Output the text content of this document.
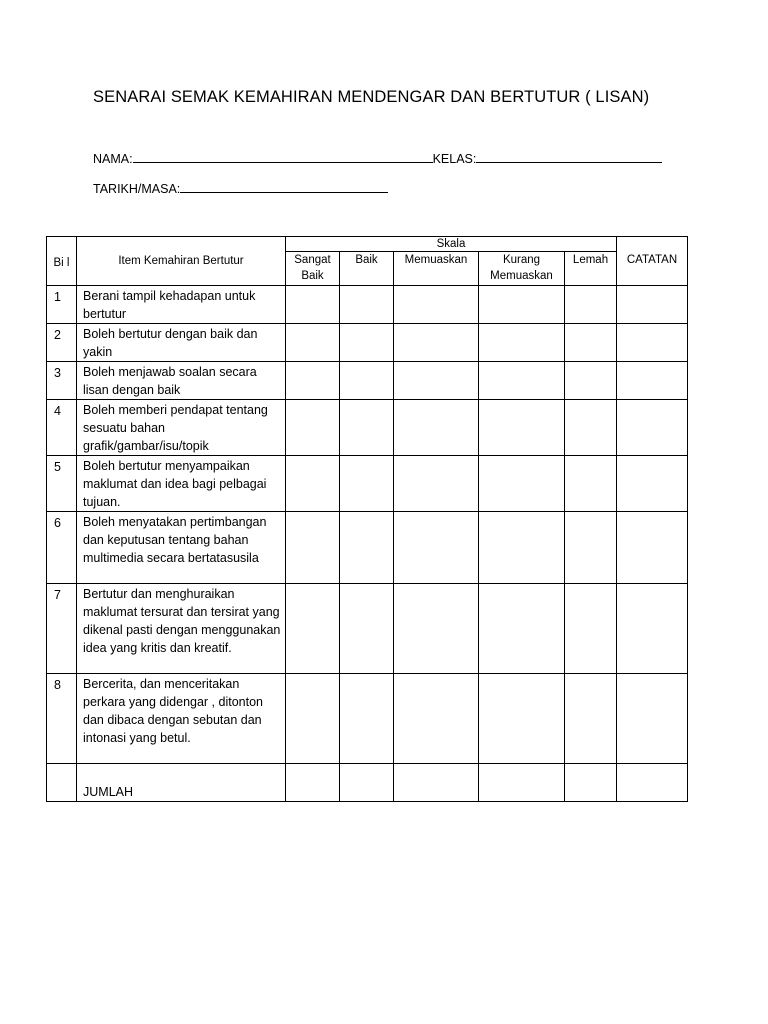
SENARAI SEMAK KEMAHIRAN MENDENGAR DAN BERTUTUR ( LISAN)
NAMA:	KELAS:
TARIKH/MASA:
Bi l	Item Kemahiran Bertutur	Skala					CATATAN
		Sangat Baik	Baik	Memuaskan	Kurang Memuaskan	Lemah	
1	Berani tampil kehadapan untuk bertutur						
2	Boleh bertutur dengan baik dan yakin						
3	Boleh menjawab soalan secara lisan dengan baik						
4	Boleh memberi pendapat tentang sesuatu bahan grafik/gambar/isu/topik						
5	Boleh bertutur menyampaikan maklumat dan idea bagi pelbagai tujuan.						
6	Boleh menyatakan pertimbangan dan keputusan tentang bahan multimedia secara bertatasusila						
7	Bertutur dan menghuraikan maklumat tersurat dan tersirat yang dikenal pasti dengan menggunakan idea yang kritis dan kreatif.						
8	Bercerita, dan menceritakan perkara yang didengar , ditonton dan dibaca dengan sebutan dan intonasi yang betul.						
	JUMLAH						
